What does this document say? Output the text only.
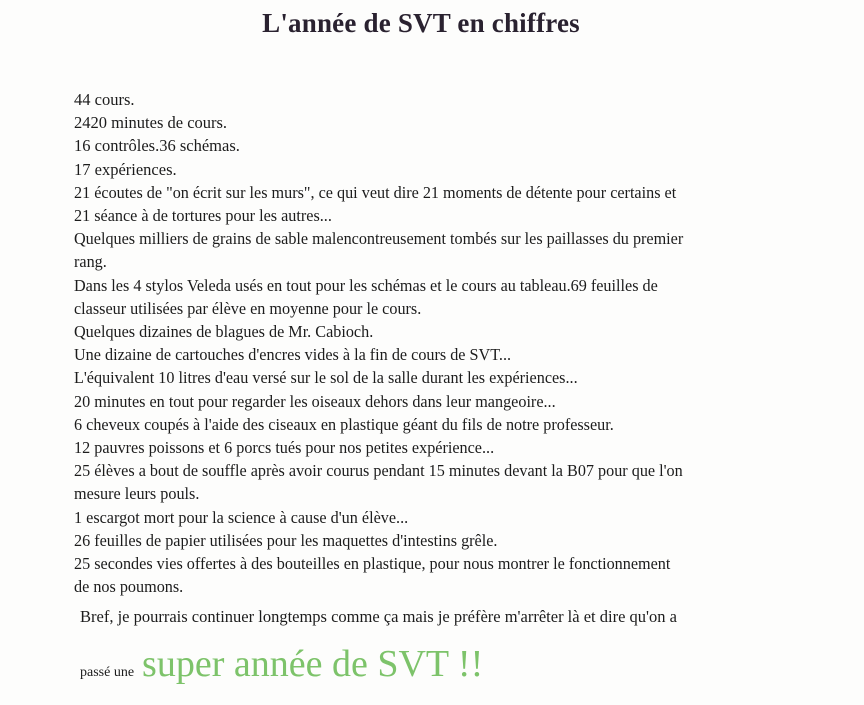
L'année de SVT en chiffres
44 cours.
2420 minutes de cours.
16 contrôles.36 schémas.
17 expériences.
21 écoutes de "on écrit sur les murs", ce qui veut dire 21 moments de détente pour certains et
21 séance à de tortures pour les autres...
Quelques milliers de grains de sable malencontreusement tombés sur les paillasses du premier
rang.
Dans les 4 stylos Veleda usés en tout pour les schémas et le cours au tableau.69 feuilles de
classeur utilisées par élève en moyenne pour le cours.
Quelques dizaines de blagues de Mr. Cabioch.
Une dizaine de cartouches d'encres vides à la fin de cours de SVT...
L'équivalent 10 litres d'eau versé sur le sol de la salle durant les expériences...
20 minutes en tout pour regarder les oiseaux dehors dans leur mangeoire...
6 cheveux coupés à l'aide des ciseaux en plastique géant du fils de notre professeur.
12 pauvres poissons et 6 porcs tués pour nos petites expérience...
25 élèves a bout de souffle après avoir courus pendant 15 minutes devant la B07 pour que l'on
mesure leurs pouls.
1 escargot mort pour la science à cause d'un élève...
26 feuilles de papier utilisées pour les maquettes d'intestins grêle.
25 secondes vies offertes à des bouteilles en plastique, pour nous montrer le fonctionnement
de nos poumons.
Bref, je pourrais continuer longtemps comme ça mais je préfère m'arrêter là et dire qu'on a
passé une super année de SVT !!
